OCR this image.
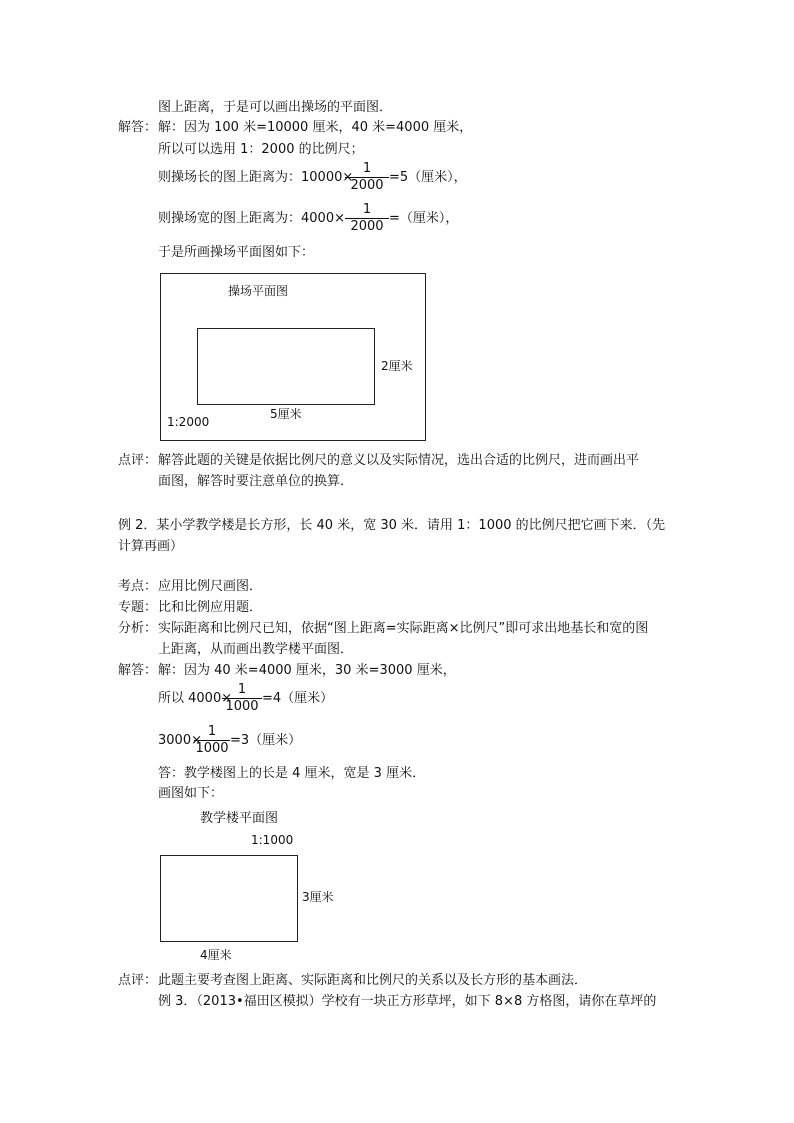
图上距离，于是可以画出操场的平面图．
解答： 解：因为 100 米=10000 厘米，40 米=4000 厘米，
所以可以选用 1：2000 的比例尺；
则操场长的图上距离为：10000×
1
2000
=5（厘米），
则操场宽的图上距离为：4000×
1
2000
=（厘米），
于是所画操场平面图如下：
操场平面图
2厘米
5厘米
1:2000
点评： 解答此题的关键是依据比例尺的意义以及实际情况，选出合适的比例尺，进而画出平
面图，解答时要注意单位的换算．
例 2．某小学教学楼是长方形，长 40 米，宽 30 米．请用 1：1000 的比例尺把它画下来．（先
计算再画）
考点： 应用比例尺画图．
专题： 比和比例应用题．
分析： 实际距离和比例尺已知，依据“图上距离=实际距离×比例尺”即可求出地基长和宽的图
上距离，从而画出教学楼平面图．
解答： 解：因为 40 米=4000 厘米，30 米=3000 厘米，
所以 4000×
1
1000
=4（厘米）
3000×
1
1000
=3（厘米）
答：教学楼图上的长是 4 厘米，宽是 3 厘米．
画图如下：
教学楼平面图
1:1000
3厘米
4厘米
点评： 此题主要考查图上距离、实际距离和比例尺的关系以及长方形的基本画法．
例 3．（2013•福田区模拟）学校有一块正方形草坪，如下 8×8 方格图，请你在草坪的
